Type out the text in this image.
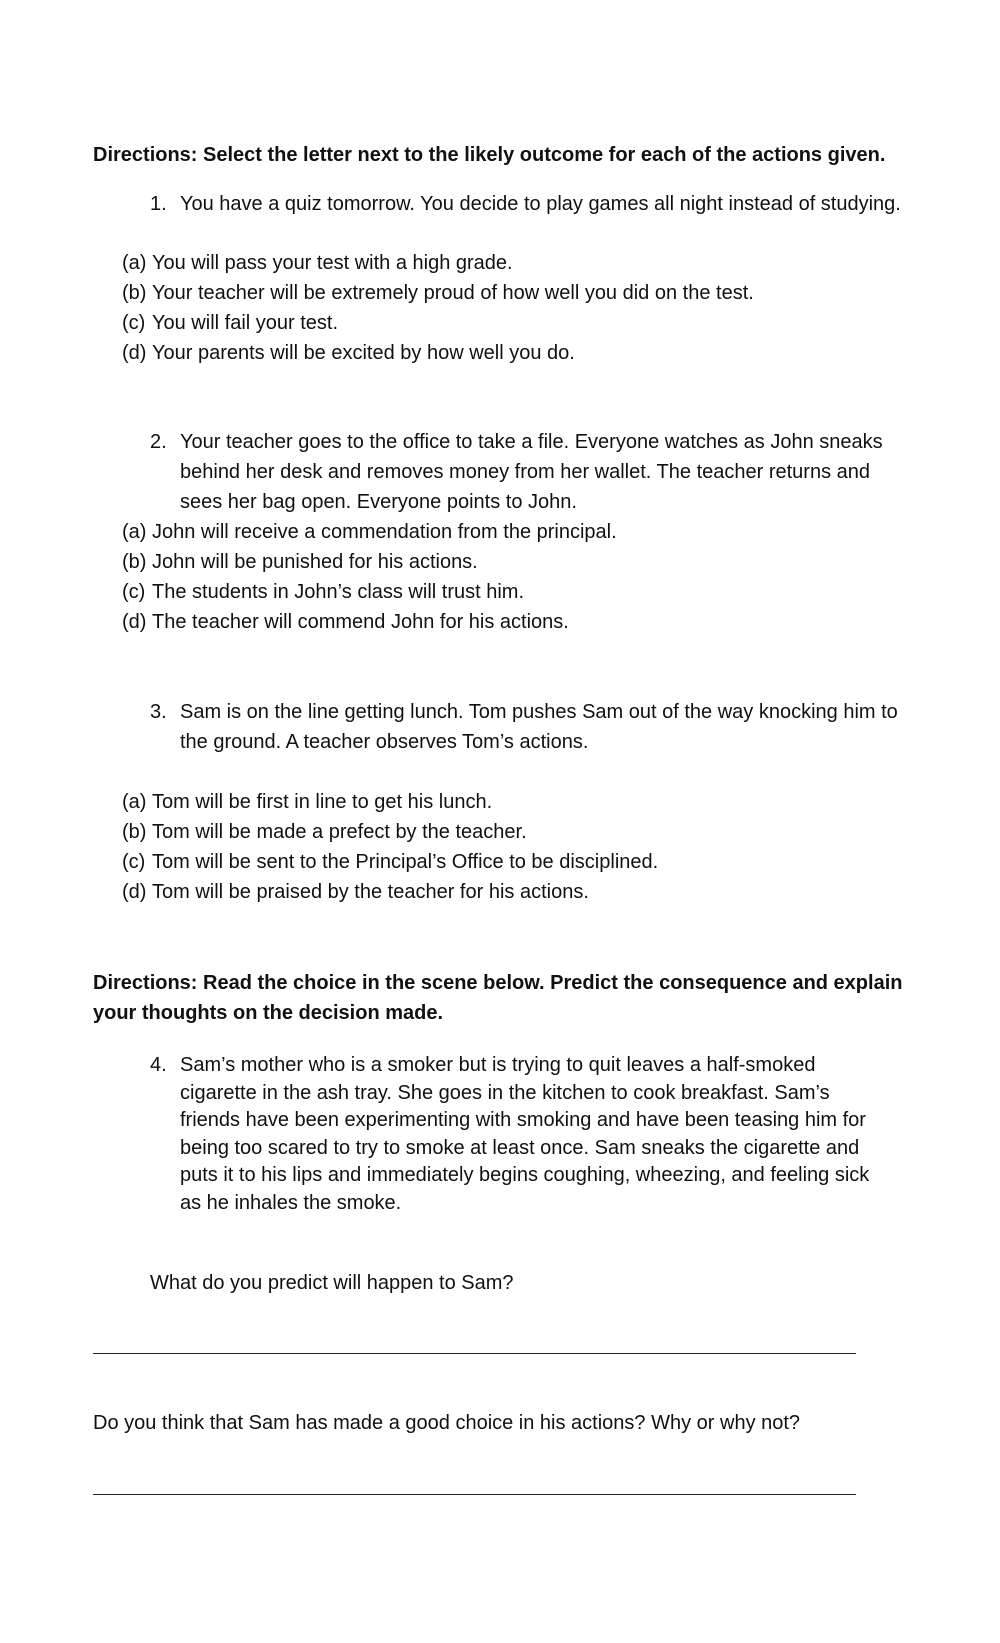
Directions: Select the letter next to the likely outcome for each of the actions given.

1. You have a quiz tomorrow. You decide to play games all night instead of studying.
(a) You will pass your test with a high grade.
(b) Your teacher will be extremely proud of how well you did on the test.
(c) You will fail your test.
(d) Your parents will be excited by how well you do.
2. Your teacher goes to the office to take a file. Everyone watches as John sneaks behind her desk and removes money from her wallet. The teacher returns and sees her bag open. Everyone points to John.
(a) John will receive a commendation from the principal.
(b) John will be punished for his actions.
(c) The students in John’s class will trust him.
(d) The teacher will commend John for his actions.
3. Sam is on the line getting lunch. Tom pushes Sam out of the way knocking him to the ground. A teacher observes Tom’s actions.
(a) Tom will be first in line to get his lunch.
(b) Tom will be made a prefect by the teacher.
(c) Tom will be sent to the Principal’s Office to be disciplined.
(d) Tom will be praised by the teacher for his actions.

Directions: Read the choice in the scene below. Predict the consequence and explain your thoughts on the decision made.

4. Sam’s mother who is a smoker but is trying to quit leaves a half-smoked cigarette in the ash tray. She goes in the kitchen to cook breakfast. Sam’s friends have been experimenting with smoking and have been teasing him for being too scared to try to smoke at least once. Sam sneaks the cigarette and puts it to his lips and immediately begins coughing, wheezing, and feeling sick as he inhales the smoke.

What do you predict will happen to Sam?

Do you think that Sam has made a good choice in his actions? Why or why not?
